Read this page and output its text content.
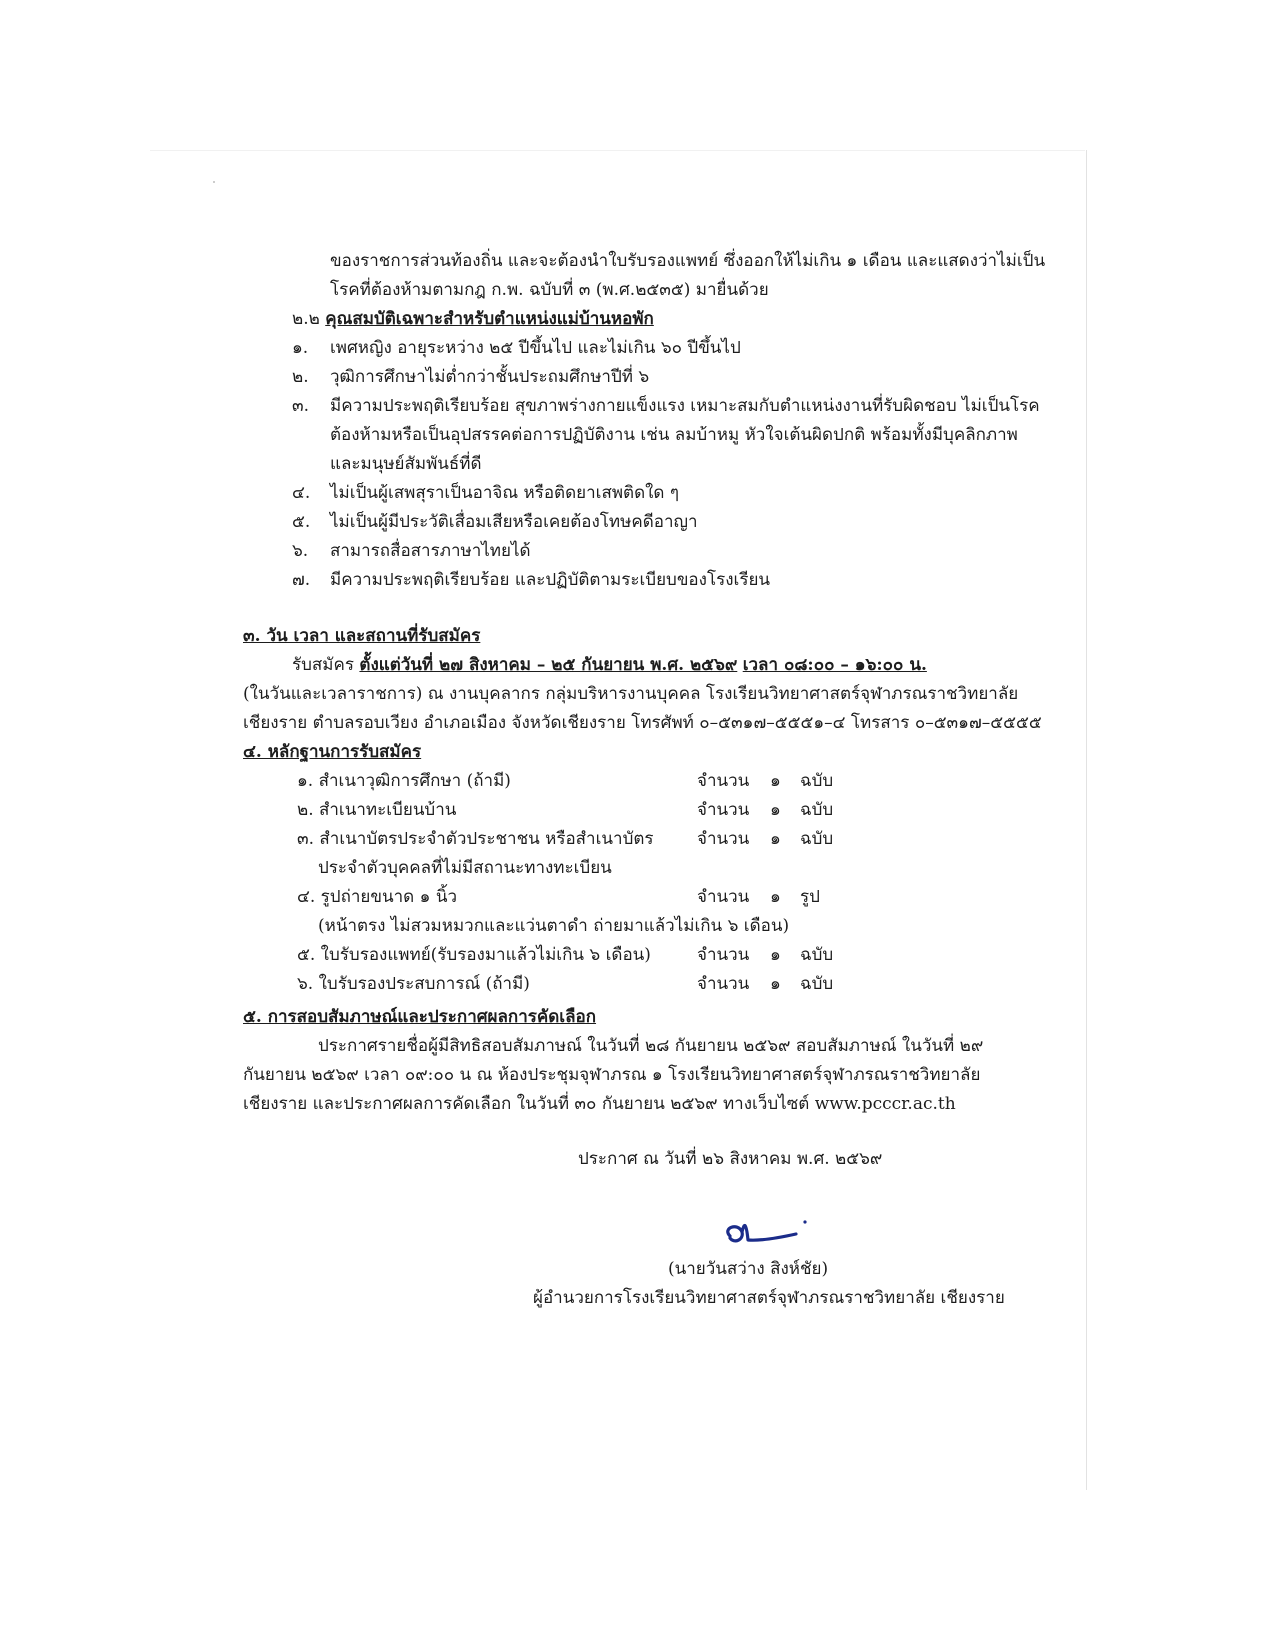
ของราชการส่วนท้องถิ่น และจะต้องนำใบรับรองแพทย์ ซึ่งออกให้ไม่เกิน ๑ เดือน และแสดงว่าไม่เป็น
โรคที่ต้องห้ามตามกฎ ก.พ. ฉบับที่ ๓ (พ.ศ.๒๕๓๕) มายื่นด้วย
๒.๒ คุณสมบัติเฉพาะสำหรับตำแหน่งแม่บ้านหอพัก
๑. เพศหญิง อายุระหว่าง ๒๕ ปีขึ้นไป และไม่เกิน ๖๐ ปีขึ้นไป
๒. วุฒิการศึกษาไม่ต่ำกว่าชั้นประถมศึกษาปีที่ ๖
๓. มีความประพฤติเรียบร้อย สุขภาพร่างกายแข็งแรง เหมาะสมกับตำแหน่งงานที่รับผิดชอบ ไม่เป็นโรค
ต้องห้ามหรือเป็นอุปสรรคต่อการปฏิบัติงาน เช่น ลมบ้าหมู หัวใจเต้นผิดปกติ พร้อมทั้งมีบุคลิกภาพ
และมนุษย์สัมพันธ์ที่ดี
๔. ไม่เป็นผู้เสพสุราเป็นอาจิณ หรือติดยาเสพติดใด ๆ
๕. ไม่เป็นผู้มีประวัติเสื่อมเสียหรือเคยต้องโทษคดีอาญา
๖. สามารถสื่อสารภาษาไทยได้
๗. มีความประพฤติเรียบร้อย และปฏิบัติตามระเบียบของโรงเรียน
๓. วัน เวลา และสถานที่รับสมัคร
รับสมัคร ตั้งแต่วันที่ ๒๗ สิงหาคม – ๒๕ กันยายน พ.ศ. ๒๕๖๙ เวลา ๐๘:๐๐ – ๑๖:๐๐ น.
(ในวันและเวลาราชการ) ณ งานบุคลากร กลุ่มบริหารงานบุคคล โรงเรียนวิทยาศาสตร์จุฬาภรณราชวิทยาลัย
เชียงราย ตำบลรอบเวียง อำเภอเมือง จังหวัดเชียงราย โทรศัพท์ ๐–๕๓๑๗–๕๕๕๑–๔ โทรสาร ๐–๕๓๑๗–๕๕๕๕
๔. หลักฐานการรับสมัคร
๑. สำเนาวุฒิการศึกษา (ถ้ามี)	จำนวน ๑ ฉบับ
๒. สำเนาทะเบียนบ้าน	จำนวน ๑ ฉบับ
๓. สำเนาบัตรประจำตัวประชาชน หรือสำเนาบัตร	จำนวน ๑ ฉบับ
ประจำตัวบุคคลที่ไม่มีสถานะทางทะเบียน
๔. รูปถ่ายขนาด ๑ นิ้ว	จำนวน ๑ รูป
(หน้าตรง ไม่สวมหมวกและแว่นตาดำ ถ่ายมาแล้วไม่เกิน ๖ เดือน)
๕. ใบรับรองแพทย์(รับรองมาแล้วไม่เกิน ๖ เดือน)	จำนวน ๑ ฉบับ
๖. ใบรับรองประสบการณ์ (ถ้ามี)	จำนวน ๑ ฉบับ
๕. การสอบสัมภาษณ์และประกาศผลการคัดเลือก
ประกาศรายชื่อผู้มีสิทธิสอบสัมภาษณ์ ในวันที่ ๒๘ กันยายน ๒๕๖๙ สอบสัมภาษณ์ ในวันที่ ๒๙
กันยายน ๒๕๖๙ เวลา ๐๙:๐๐ น ณ ห้องประชุมจุฬาภรณ ๑ โรงเรียนวิทยาศาสตร์จุฬาภรณราชวิทยาลัย
เชียงราย และประกาศผลการคัดเลือก ในวันที่ ๓๐ กันยายน ๒๕๖๙ ทางเว็บไซต์ www.pcccr.ac.th
ประกาศ ณ วันที่ ๒๖ สิงหาคม พ.ศ. ๒๕๖๙
(นายวันสว่าง สิงห์ชัย)
ผู้อำนวยการโรงเรียนวิทยาศาสตร์จุฬาภรณราชวิทยาลัย เชียงราย
